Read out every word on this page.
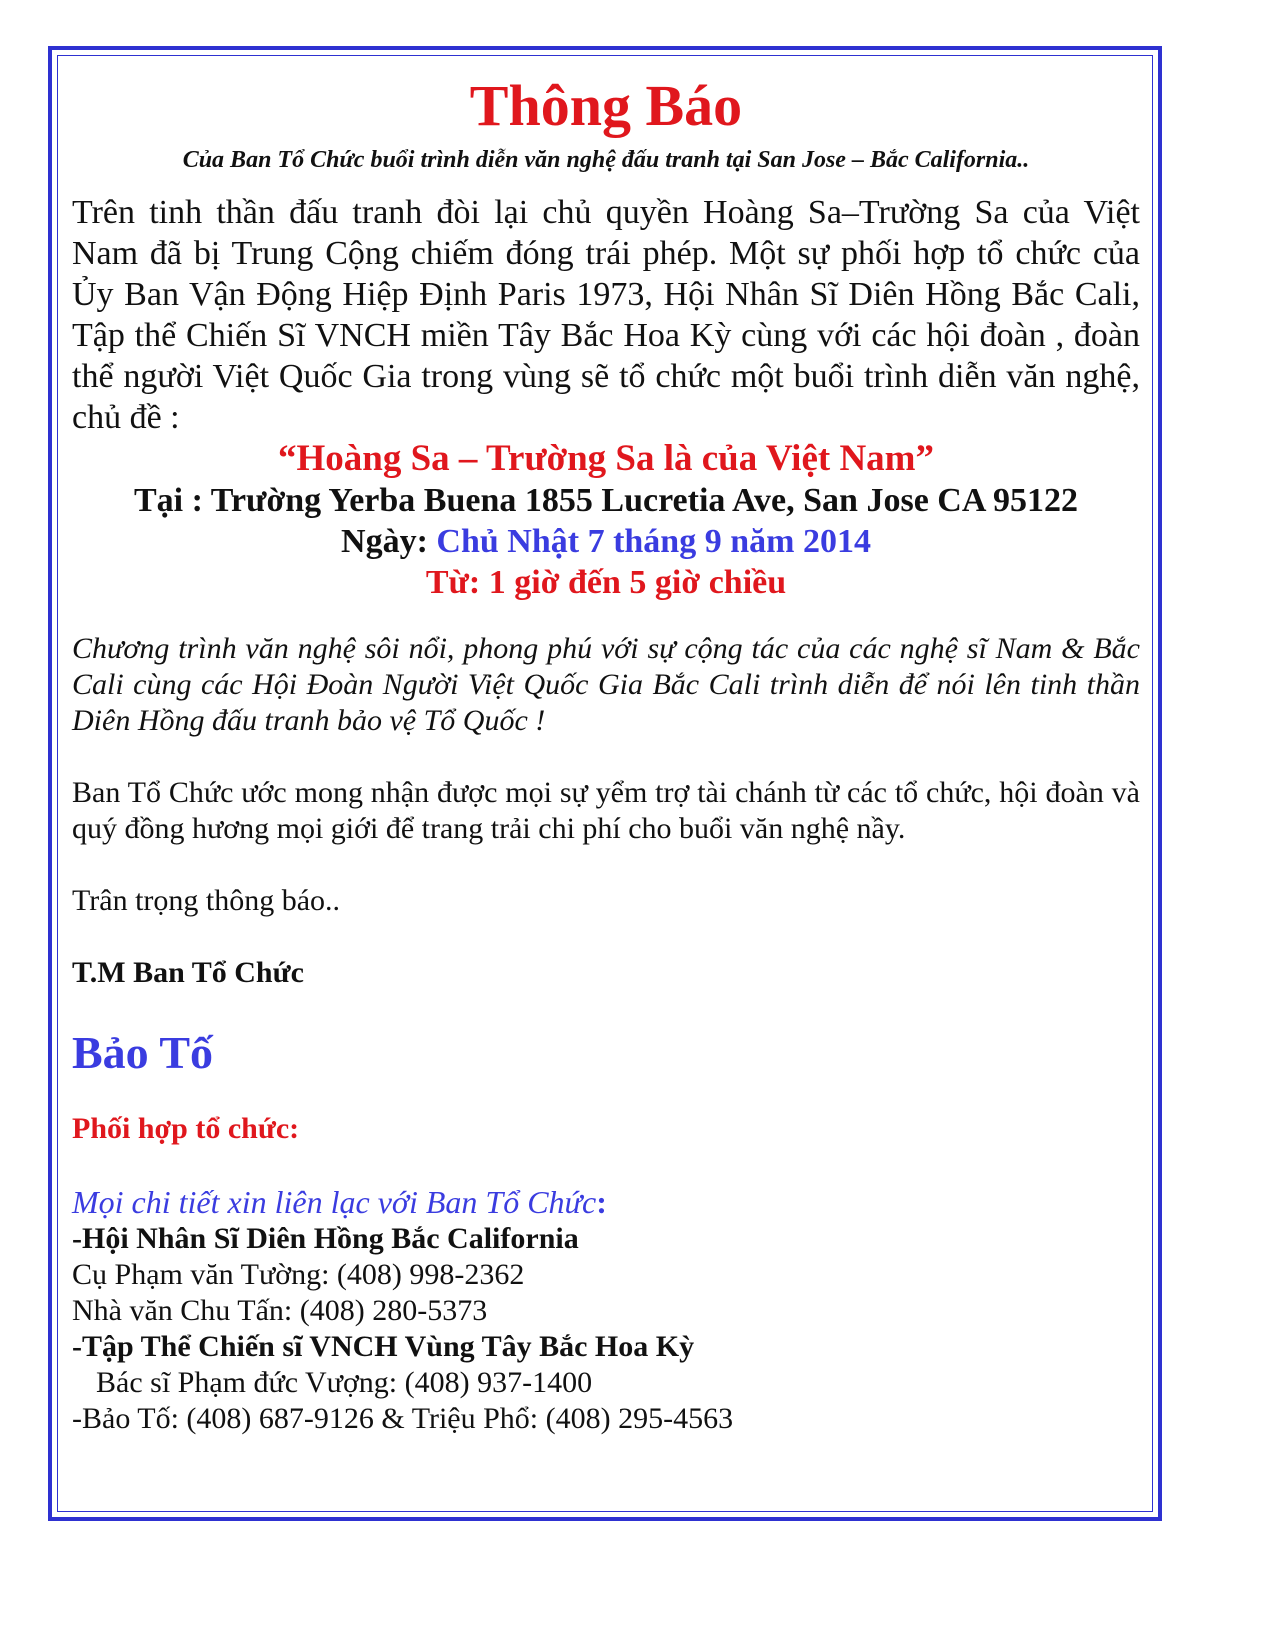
Thông Báo

Của Ban Tổ Chức buổi trình diễn văn nghệ đấu tranh tại San Jose – Bắc California..

Trên tinh thần đấu tranh đòi lại chủ quyền Hoàng Sa–Trường Sa của Việt Nam đã bị Trung Cộng chiếm đóng trái phép. Một sự phối hợp tổ chức của Ủy Ban Vận Động Hiệp Định Paris 1973, Hội Nhân Sĩ Diên Hồng Bắc Cali, Tập thể Chiến Sĩ VNCH miền Tây Bắc Hoa Kỳ cùng với các hội đoàn , đoàn thể người Việt Quốc Gia trong vùng sẽ tổ chức một buổi trình diễn văn nghệ, chủ đề :

“Hoàng Sa – Trường Sa là của Việt Nam”

Tại : Trường Yerba Buena 1855 Lucretia Ave, San Jose CA 95122

Ngày: Chủ Nhật 7 tháng 9 năm 2014

Từ: 1 giờ đến 5 giờ chiều

Chương trình văn nghệ sôi nổi, phong phú với sự cộng tác của các nghệ sĩ Nam & Bắc Cali cùng các Hội Đoàn Người Việt Quốc Gia Bắc Cali trình diễn để nói lên tinh thần Diên Hồng đấu tranh bảo vệ Tổ Quốc !

Ban Tổ Chức ước mong nhận được mọi sự yểm trợ tài chánh từ các tổ chức, hội đoàn và quý đồng hương mọi giới để trang trải chi phí cho buổi văn nghệ nầy.

Trân trọng thông báo..

T.M Ban Tổ Chức

Bảo Tố

Phối hợp tổ chức:

Mọi chi tiết xin liên lạc với Ban Tổ Chức:

-Hội Nhân Sĩ Diên Hồng Bắc California

Cụ Phạm văn Tường: (408) 998-2362

Nhà văn Chu Tấn: (408) 280-5373

-Tập Thể Chiến sĩ VNCH Vùng Tây Bắc Hoa Kỳ

Bác sĩ Phạm đức Vượng: (408) 937-1400

-Bảo Tố: (408) 687-9126 & Triệu Phổ: (408) 295-4563
